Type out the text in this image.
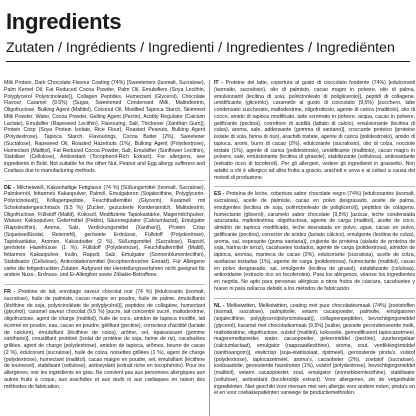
Ingredients
Zutaten / Ingrédients / Ingredienti / Ingredientes / Ingrediënten

Milk Protein, Dark Chocolate Flavour Coating (74%) [Sweeteners (Isomalt, Sucralose), Palm Kernel Oil, Fat Reduced Cocoa Powder, Palm Oil, Emulsifiers (Soya Lecithin, Polyglycerol Polyricinoleate)], Collagen Peptides, Humectant (Glycerol), Chocolate Flavour Caramel (9.5%) [Sugar, Sweetened Condensed Milk, Maltodextrin, Oligofructose, Bulking Agent (Maltitol), Coconut Oil, Modified Tapioca Starch, Skimmed Milk Powder, Water, Cocoa Powder, Gelling Agent (Pectin), Acidity Regulator (Calcium Lactate), Emulsifier (Rapeseed Lecithin), Flavouring, Salt, Thickener (Xanthan Gum)], Protein Crisp (Soya Protein Isolate, Rice Flour), Roasted Peanuts, Bulking Agent (Polydextrose), Tapioca Starch, Flavourings, Cocoa Butter (2%), Sweetener (Sucralose), Rapeseed Oil, Roasted Hazelnuts (1%), Bulking Agent (Polydextrose), Humectant (Maltitol), Fat Reduced Cocoa Powder, Salt, Emulsifier (Sunflower Lecithin), Stabiliser (Cellulose), Antioxidant (Tocopherol-Rich Extract). For allergens, see ingredients in Bold. Not suitable for the other Nut, Peanut and Egg allergy sufferers and Coeliacs due to manufacturing methods.

DE - Milcheiweiß, Kakaohaltige Fettglasur (74 %) [Süßungsmittel (Isomalt, Sucralose), Palmkernöl, fettarmes Kakaopulver, Palmöl, Emulgatoren (Sojalecithine, Polyglycerin-Polyricinoleat)], Kollagenpeptide, Feuchthaltemittel (Glycerin), Karamell mit Schokoladengeschmack (9,5 %) [Zucker, gezuckerte Kondensmilch, Maltodextrin, Oligofructose, Füllstoff (Maltit), Kokosöl, Modifizierte Tapiokastärke, Magermilchpulver, Wasser, Kakaopulver, Geliermittel (Pektin), Säureregulator (Calciumlactat), Emulgator (Rapslecithin), Aroma, Salz, Verdickungsmittel (Xanthan)], Protein Crisp (Sojaeiweißisolat, Reismehl), geröstete Erdnüsse, Füllstoff (Polydextrose), Tapiokastärke, Aromen, Kakaobutter (2 %), Süßungsmittel (Sucralose), Rapsöl, geröstete Haselnüsse (1 %), Füllstoff (Polydextrose), Feuchthaltemittel (Maltit), fettarmes Kakaopulver, Inulin, Rapsöl, Salz, Emulgator (Sonnenblumenlecithin), Stabilisator (Cellulose), Antioxidationsmittel (tocopherolreicher Extrakt). Für Allergene siehe die fettgedruckten Zutaten. Aufgrund der Herstellungsverfahren nicht geeignet für andere Nuss-, Erdnuss- und Ei-Allergiker sowie Zöliakie-Betroffene.

FR - Protéine de lait, enrobage saveur chocolat noir (74 %) [édulcorants (isomalt, sucralose), huile de palmiste, cacao maigre en poudre, huile de palme, émulsifiants (lécithine de soja, polyricinoléate de polyglycérol)], peptides de collagène, humectant (glycérol), caramel saveur chocolat (9,5 %) [sucre, lait concentré sucré, maltodextrine, oligofructose, agent de charge (maltitol), huile de coco, amidon de tapioca modifié, lait écrémé en poudre, eau, cacao en poudre, gélifiant (pectine), correcteur d'acidité (lactate de calcium), émulsifiant (lécithine de colza), arôme, sel, épaississant (gomme xanthane)], croustillant protéiné (isolat de protéine de soja, farine de riz), cacahuètes grillées, agent de charge (polydextrose), amidon de tapioca, arômes, beurre de cacao (2 %), édulcorant (sucralose), huile de colza, noisettes grillées (1 %), agent de charge (polydextrose), humectant (maltitol), cacao maigre en poudre, sel, émulsifiant (lécithine de tournesol), stabilisant (cellulose), antioxydant (extrait riche en tocophérols). Pour les allergènes, voir les ingrédients en gras. Ne convient pas aux personnes allergiques aux autres fruits à coque, aux arachides et aux œufs ni aux cœliaques en raison des méthodes de fabrication.

IT - Proteine del latte, copertura al gusto di cioccolato fondente (74%) [edulcoranti (isomalto, sucralosio), olio di palmisto, cacao magro in polvere, olio di palma, emulsionanti (lecitina di soia, poliricinoleato di poliglicerolo)], peptidi di collagene, umidificante (glicerolo), caramello al gusto di cioccolato (9,5%) [zucchero, latte condensato zuccherato, maltodestrine, oligofruttosio, agente di carica (maltitolo), olio di cocco, amido di tapioca modificato, latte scremato in polvere, acqua, cacao in polvere, gelificante (pectina), correttore di acidità (lattato di calcio), emulsionante (lecitina di colza), aroma, sale, addensante (gomma di xantano)], croccante proteico (proteine isolate di soia, farina di riso), arachidi tostate, agente di carica (polidestrosio), amido di tapioca, aromi, burro di cacao (2%), edulcorante (sucralosio), olio di colza, nocciole tostate (1%), agente di carica (polidestrosio), umidificante (maltitolo), cacao magro in polvere, sale, emulsionante (lecitina di girasole), stabilizzante (cellulosa), antiossidante (estratto ricco di tocoferoli). Per gli allergeni, vedere gli ingredienti in grassetto. Non adatto a chi è allergico ad altra frutta a guscio, arachidi e uova e ai celiaci a causa dei metodi di produzione.

ES - Proteína de leche, cobertura sabor chocolate negro (74%) [edulcorantes (isomalt, sucralosa), aceite de palmiste, cacao en polvo desgrasado, aceite de palma, emulgentes (lecitina de soja, polirricinoleato de poliglicerol)], péptidos de colágeno, humectante (glicerol), caramelo sabor chocolate (9,5%) [azúcar, leche condensada azucarada, maltodextrina, oligofructosa, agente de carga (maltitol), aceite de coco, almidón de tapioca modificado, leche desnatada en polvo, agua, cacao en polvo, gelificante (pectina), corrector de acidez (lactato cálcico), emulgente (lecitina de colza), aroma, sal, espesante (goma xantana)], crujiente de proteína (aislado de proteína de soja, harina de arroz), cacahuetes tostados, agente de carga (polidextrosa), almidón de tapioca, aromas, manteca de cacao (2%), edulcorante (sucralosa), aceite de colza, avellanas tostadas (1%), agente de carga (polidextrosa), humectante (maltitol), cacao en polvo desgrasado, sal, emulgente (lecitina de girasol), estabilizante (celulosa), antioxidante (extracto rico en tocoferoles). Para los alérgenos, véanse los ingredientes en negrita. No apto para personas alérgicas a otros frutos de cáscara, cacahuetes y huevo ni para celíacos debido a los métodos de fabricación.

NL - Melkeiwitten, Melkeiwitten, coating met puur chocoladesmaak (74%) [zoetstoffen (isomalt, sucralose), palmpitolie, vetarm cacaopoeder, palmolie, emulgatoren (sojalecithine, polyglycerolpolyricinoleaat)], collageenpeptiden, bevochtigingsmiddel (glycerol), karamel met chocoladesmaak (9,5%) [suiker, gezoete gecondenseerde melk, maltodextrine, oligofructose, vulstof (maltitol), kokosolie, gemodificeerd tapiocazetmeel, mageremelkpoeder, water, cacaopoeder, geleermiddel (pectine), zuurteregelaar (calciumlactaat), emulgator (raapzaadlecithine), aroma, zout, verdikkingsmiddel (xanthaangom)], eiwitcrisp (soja-eiwitisolaat, rijstmeel), geroosterde pinda's, vulstof (polydextrose), tapiocazetmeel, aroma's, cacaoboter (2%), zoetstof (sucralose), koolzaadolie, geroosterde hazelnoten (1%), vulstof (polydextrose), bevochtigingsmiddel (maltitol), vetarm cacaopoeder, zout, emulgator (zonnebloemlecithine), stabilisator (cellulose), antioxidant (tocoferolrijk extract). Voor allergenen, zie de vetgedrukte ingrediënten. Niet geschikt voor mensen met een allergie voor andere noten, pinda's en ei en voor coeliakiepatiënten vanwege de productiemethoden.
